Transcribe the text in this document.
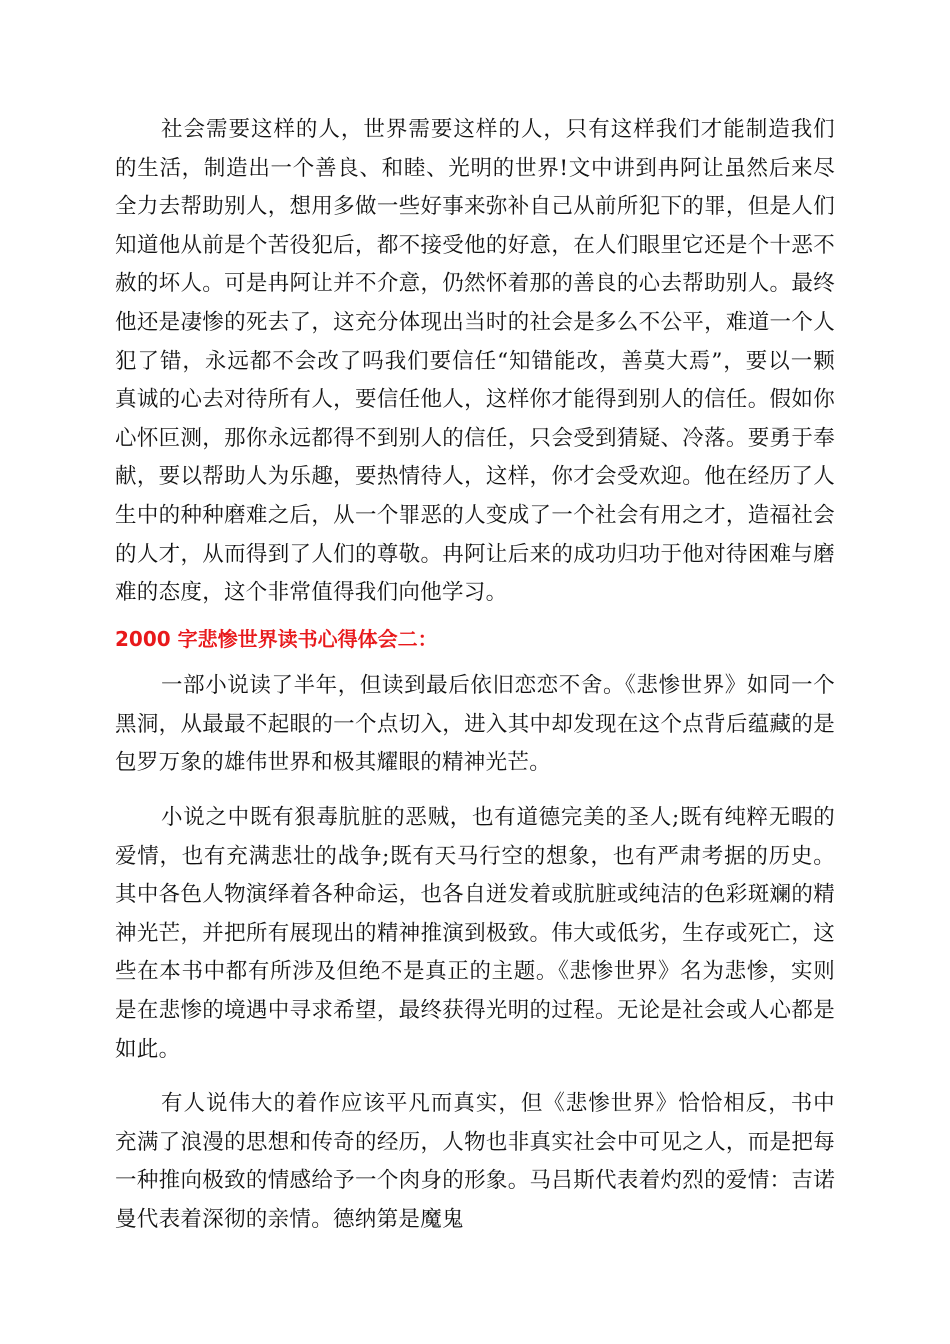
社会需要这样的人，世界需要这样的人，只有这样我们才能制造我们的生活，制造出一个善良、和睦、光明的世界!文中讲到冉阿让虽然后来尽全力去帮助别人，想用多做一些好事来弥补自己从前所犯下的罪，但是人们知道他从前是个苦役犯后，都不接受他的好意，在人们眼里它还是个十恶不赦的坏人。可是冉阿让并不介意，仍然怀着那的善良的心去帮助别人。最终他还是凄惨的死去了，这充分体现出当时的社会是多么不公平，难道一个人犯了错，永远都不会改了吗我们要信任“知错能改，善莫大焉”，要以一颗真诚的心去对待所有人，要信任他人，这样你才能得到别人的信任。假如你心怀叵测，那你永远都得不到别人的信任，只会受到猜疑、冷落。要勇于奉献，要以帮助人为乐趣，要热情待人，这样，你才会受欢迎。他在经历了人生中的种种磨难之后，从一个罪恶的人变成了一个社会有用之才，造福社会的人才，从而得到了人们的尊敬。冉阿让后来的成功归功于他对待困难与磨难的态度，这个非常值得我们向他学习。

2000 字悲惨世界读书心得体会二：

一部小说读了半年，但读到最后依旧恋恋不舍。《悲惨世界》如同一个黑洞，从最最不起眼的一个点切入，进入其中却发现在这个点背后蕴藏的是包罗万象的雄伟世界和极其耀眼的精神光芒。

小说之中既有狠毒肮脏的恶贼，也有道德完美的圣人;既有纯粹无暇的爱情，也有充满悲壮的战争;既有天马行空的想象，也有严肃考据的历史。其中各色人物演绎着各种命运，也各自迸发着或肮脏或纯洁的色彩斑斓的精神光芒，并把所有展现出的精神推演到极致。伟大或低劣，生存或死亡，这些在本书中都有所涉及但绝不是真正的主题。《悲惨世界》名为悲惨，实则是在悲惨的境遇中寻求希望，最终获得光明的过程。无论是社会或人心都是如此。

有人说伟大的着作应该平凡而真实，但《悲惨世界》恰恰相反，书中充满了浪漫的思想和传奇的经历，人物也非真实社会中可见之人，而是把每一种推向极致的情感给予一个肉身的形象。马吕斯代表着灼烈的爱情：吉诺曼代表着深彻的亲情。德纳第是魔鬼
